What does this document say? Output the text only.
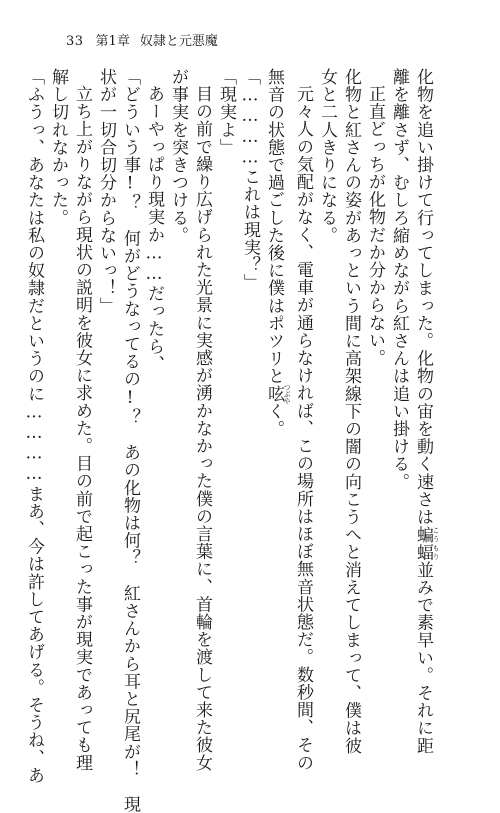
33 第1章 奴隷と元悪魔
化物を追い掛けて行ってしまった。化物の宙を動く速さは蝙蝠 こうもり並みで素早い。それに距
離を離さず、むしろ縮めながら紅さんは追い掛ける。
正直どっちが化物だか分からない。
化物と紅さんの姿があっという間に高架線下の闇の向こうへと消えてしまって、僕は彼
女と二人きりになる。
元々人の気配がなく、電車が通らなければ、この場所はほぼ無音状態だ。数秒間、その
無音の状態で過ごした後に僕はポツリと呟 つぶやく。
「…………これは現実？」
「現実よ」
目の前で繰り広げられた光景に実感が湧かなかった僕の言葉に、首輪を渡して来た彼女
が事実を突きつける。
あーやっぱり現実か……だったら、
「どういう事!？　何がどうなってるの!？　あの化物は何？　紅さんから耳と尻尾が！　現
状が一切合切分からないっ！」
立ち上がりながら現状の説明を彼女に求めた。目の前で起こった事が現実であっても理
解し切れなかった。
「ふうっ、あなたは私の奴隷だというのに…………まあ、今は許してあげる。そうね、あ
